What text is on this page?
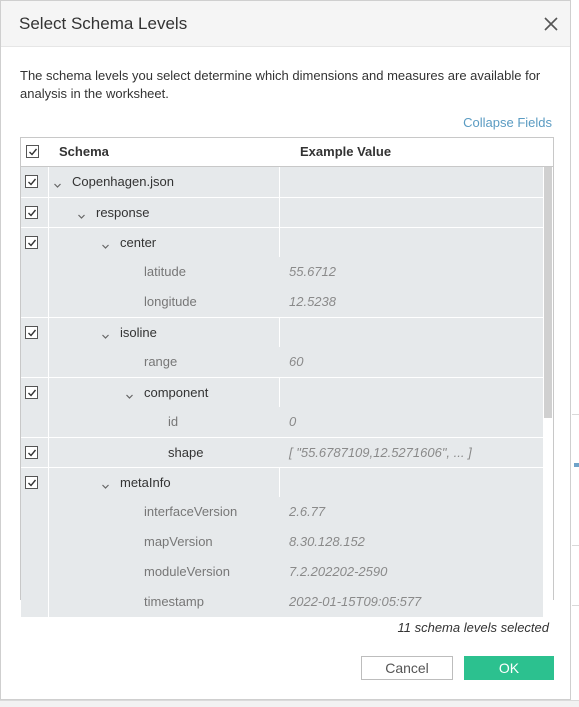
Select Schema Levels
The schema levels you select determine which dimensions and measures are available for analysis in the worksheet.
Collapse Fields
Schema	Example Value
Copenhagen.json
response
center
latitude	55.6712
longitude	12.5238
isoline
range	60
component
id	0
shape	[ "55.6787109,12.5271606", ... ]
metaInfo
interfaceVersion	2.6.77
mapVersion	8.30.128.152
moduleVersion	7.2.202202-2590
timestamp	2022-01-15T09:05:577
11 schema levels selected
Cancel	OK
